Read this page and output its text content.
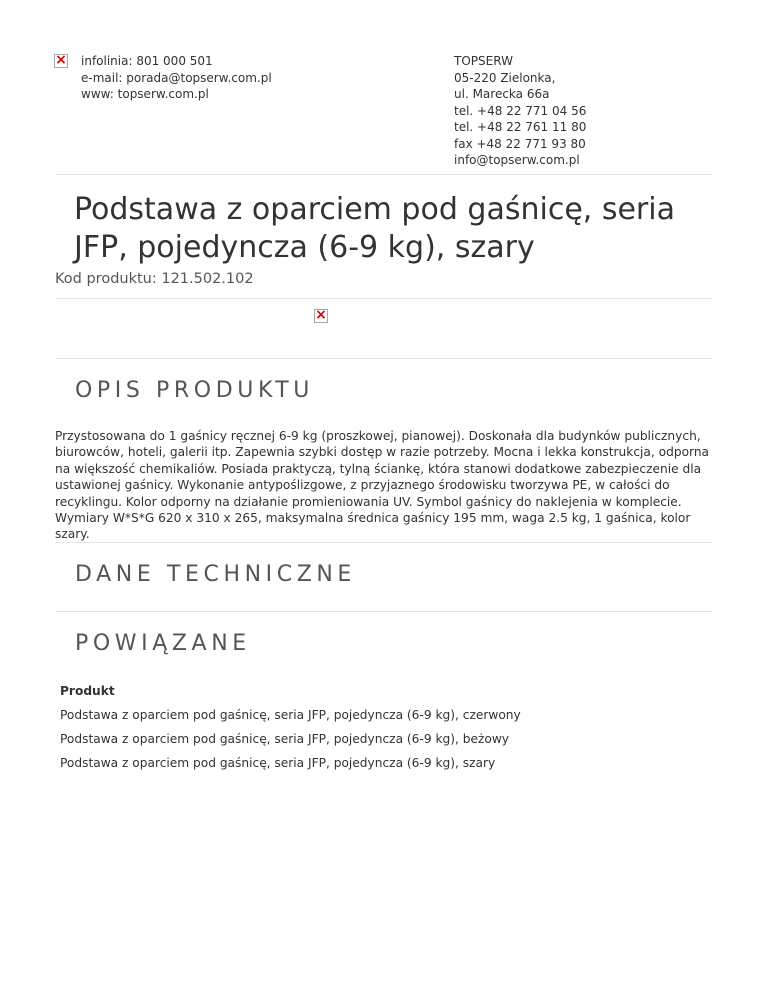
×
infolinia: 801 000 501
e-mail: porada@topserw.com.pl
www: topserw.com.pl
TOPSERW
05-220 Zielonka,
ul. Marecka 66a
tel. +48 22 771 04 56
tel. +48 22 761 11 80
fax +48 22 771 93 80
info@topserw.com.pl
Podstawa z oparciem pod gaśnicę, seria JFP, pojedyncza (6-9 kg), szary
Kod produktu: 121.502.102
×
OPIS PRODUKTU

Przystosowana do 1 gaśnicy ręcznej 6-9 kg (proszkowej, pianowej). Doskonała dla budynków publicznych, biurowców, hoteli, galerii itp. Zapewnia szybki dostęp w razie potrzeby. Mocna i lekka konstrukcja, odporna na większość chemikaliów. Posiada praktyczą, tylną ściankę, która stanowi dodatkowe zabezpieczenie dla ustawionej gaśnicy. Wykonanie antypoślizgowe, z przyjaznego środowisku tworzywa PE, w całości do recyklingu. Kolor odporny na działanie promieniowania UV. Symbol gaśnicy do naklejenia w komplecie. Wymiary W*S*G 620 x 310 x 265, maksymalna średnica gaśnicy 195 mm, waga 2.5 kg, 1 gaśnica, kolor szary.

DANE TECHNICZNE
POWIĄZANE
Produkt
Podstawa z oparciem pod gaśnicę, seria JFP, pojedyncza (6-9 kg), czerwony
Podstawa z oparciem pod gaśnicę, seria JFP, pojedyncza (6-9 kg), beżowy
Podstawa z oparciem pod gaśnicę, seria JFP, pojedyncza (6-9 kg), szary
